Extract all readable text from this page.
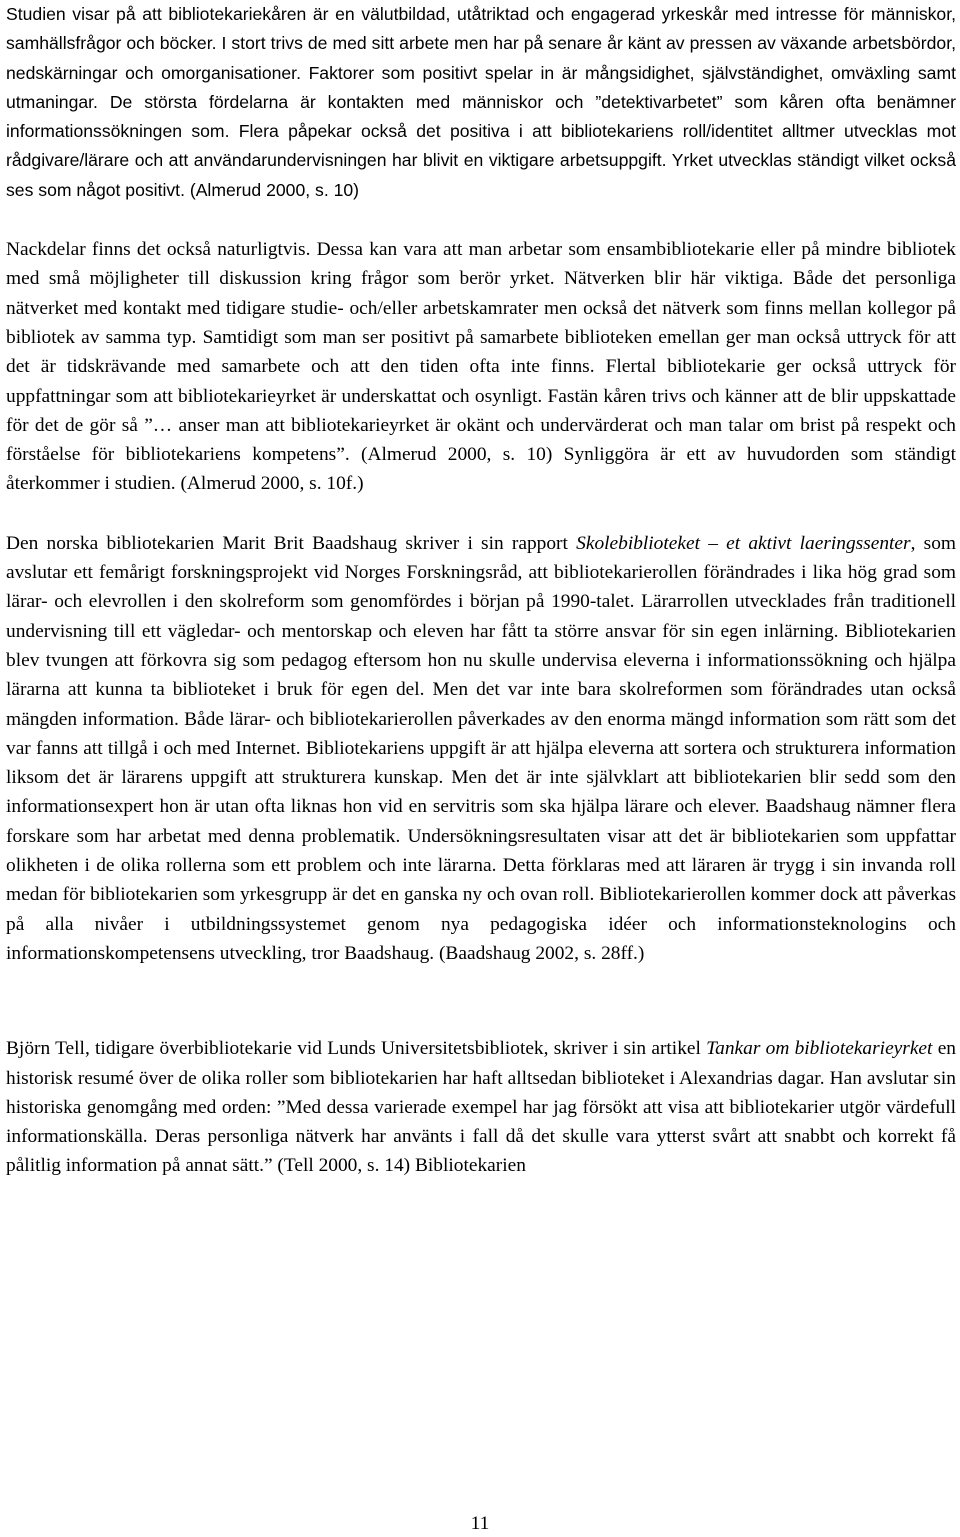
Studien visar på att bibliotekariekåren är en välutbildad, utåtriktad och engagerad yrkeskår med intresse för människor, samhällsfrågor och böcker. I stort trivs de med sitt arbete men har på senare år känt av pressen av växande arbetsbördor, nedskärningar och omorganisationer. Faktorer som positivt spelar in är mångsidighet, självständighet, omväxling samt utmaningar. De största fördelarna är kontakten med människor och ”detektivarbetet” som kåren ofta benämner informationssökningen som. Flera påpekar också det positiva i att bibliotekariens roll/identitet alltmer utvecklas mot rådgivare/lärare och att användarundervisningen har blivit en viktigare arbetsuppgift. Yrket utvecklas ständigt vilket också ses som något positivt. (Almerud 2000, s. 10)

Nackdelar finns det också naturligtvis. Dessa kan vara att man arbetar som ensambibliotekarie eller på mindre bibliotek med små möjligheter till diskussion kring frågor som berör yrket. Nätverken blir här viktiga. Både det personliga nätverket med kontakt med tidigare studie- och/eller arbetskamrater men också det nätverk som finns mellan kollegor på bibliotek av samma typ. Samtidigt som man ser positivt på samarbete biblioteken emellan ger man också uttryck för att det är tidskrävande med samarbete och att den tiden ofta inte finns. Flertal bibliotekarie ger också uttryck för uppfattningar som att bibliotekarieyrket är underskattat och osynligt. Fastän kåren trivs och känner att de blir uppskattade för det de gör så ”… anser man att bibliotekarieyrket är okänt och undervärderat och man talar om brist på respekt och förståelse för bibliotekariens kompetens”. (Almerud 2000, s. 10) Synliggöra är ett av huvudorden som ständigt återkommer i studien. (Almerud 2000, s. 10f.)

Den norska bibliotekarien Marit Brit Baadshaug skriver i sin rapport Skolebiblioteket – et aktivt laeringssenter, som avslutar ett femårigt forskningsprojekt vid Norges Forskningsråd, att bibliotekarierollen förändrades i lika hög grad som lärar- och elevrollen i den skolreform som genomfördes i början på 1990-talet. Lärarrollen utvecklades från traditionell undervisning till ett vägledar- och mentorskap och eleven har fått ta större ansvar för sin egen inlärning. Bibliotekarien blev tvungen att förkovra sig som pedagog eftersom hon nu skulle undervisa eleverna i informationssökning och hjälpa lärarna att kunna ta biblioteket i bruk för egen del. Men det var inte bara skolreformen som förändrades utan också mängden information. Både lärar- och bibliotekarierollen påverkades av den enorma mängd information som rätt som det var fanns att tillgå i och med Internet. Bibliotekariens uppgift är att hjälpa eleverna att sortera och strukturera information liksom det är lärarens uppgift att strukturera kunskap. Men det är inte självklart att bibliotekarien blir sedd som den informationsexpert hon är utan ofta liknas hon vid en servitris som ska hjälpa lärare och elever. Baadshaug nämner flera forskare som har arbetat med denna problematik. Undersökningsresultaten visar att det är bibliotekarien som uppfattar olikheten i de olika rollerna som ett problem och inte lärarna. Detta förklaras med att läraren är trygg i sin invanda roll medan för bibliotekarien som yrkesgrupp är det en ganska ny och ovan roll. Bibliotekarierollen kommer dock att påverkas på alla nivåer i utbildningssystemet genom nya pedagogiska idéer och informationsteknologins och informationskompetensens utveckling, tror Baadshaug. (Baadshaug 2002, s. 28ff.)

Björn Tell, tidigare överbibliotekarie vid Lunds Universitetsbibliotek, skriver i sin artikel Tankar om bibliotekarieyrket en historisk resumé över de olika roller som bibliotekarien har haft alltsedan biblioteket i Alexandrias dagar. Han avslutar sin historiska genomgång med orden: ”Med dessa varierade exempel har jag försökt att visa att bibliotekarier utgör värdefull informationskälla. Deras personliga nätverk har använts i fall då det skulle vara ytterst svårt att snabbt och korrekt få pålitlig information på annat sätt.” (Tell 2000, s. 14) Bibliotekarien

11
